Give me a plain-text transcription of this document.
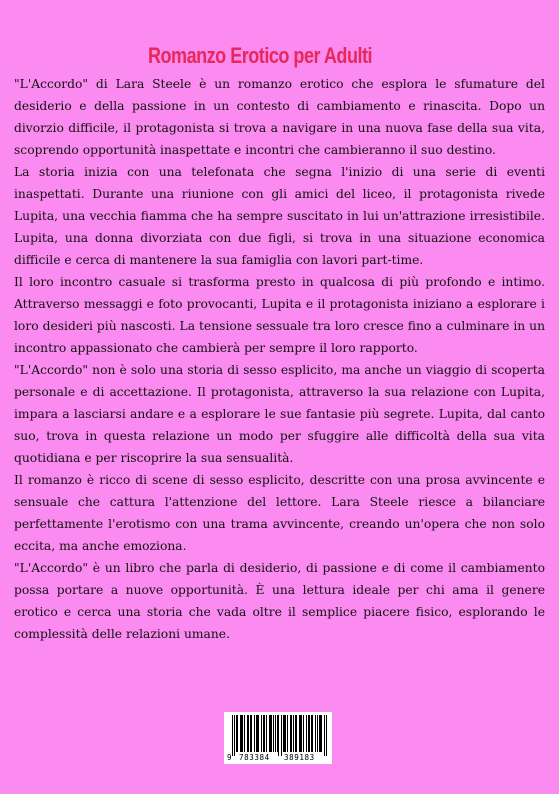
Romanzo Erotico per Adulti

"L'Accordo" di Lara Steele è un romanzo erotico che esplora le sfumature del desiderio e della passione in un contesto di cambiamento e rinascita. Dopo un divorzio difficile, il protagonista si trova a navigare in una nuova fase della sua vita, scoprendo opportunità inaspettate e incontri che cambieranno il suo destino.

La storia inizia con una telefonata che segna l'inizio di una serie di eventi inaspettati. Durante una riunione con gli amici del liceo, il protagonista rivede Lupita, una vecchia fiamma che ha sempre suscitato in lui un'attrazione irresistibile. Lupita, una donna divorziata con due figli, si trova in una situazione economica difficile e cerca di mantenere la sua famiglia con lavori part-time.

Il loro incontro casuale si trasforma presto in qualcosa di più profondo e intimo. Attraverso messaggi e foto provocanti, Lupita e il protagonista iniziano a esplorare i loro desideri più nascosti. La tensione sessuale tra loro cresce fino a culminare in un incontro appassionato che cambierà per sempre il loro rapporto.

"L'Accordo" non è solo una storia di sesso esplicito, ma anche un viaggio di scoperta personale e di accettazione. Il protagonista, attraverso la sua relazione con Lupita, impara a lasciarsi andare e a esplorare le sue fantasie più segrete. Lupita, dal canto suo, trova in questa relazione un modo per sfuggire alle difficoltà della sua vita quotidiana e per riscoprire la sua sensualità.

Il romanzo è ricco di scene di sesso esplicito, descritte con una prosa avvincente e sensuale che cattura l'attenzione del lettore. Lara Steele riesce a bilanciare perfettamente l'erotismo con una trama avvincente, creando un'opera che non solo eccita, ma anche emoziona.

"L'Accordo" è un libro che parla di desiderio, di passione e di come il cambiamento possa portare a nuove opportunità. È una lettura ideale per chi ama il genere erotico e cerca una storia che vada oltre il semplice piacere fisico, esplorando le complessità delle relazioni umane.

9 783384 389183
